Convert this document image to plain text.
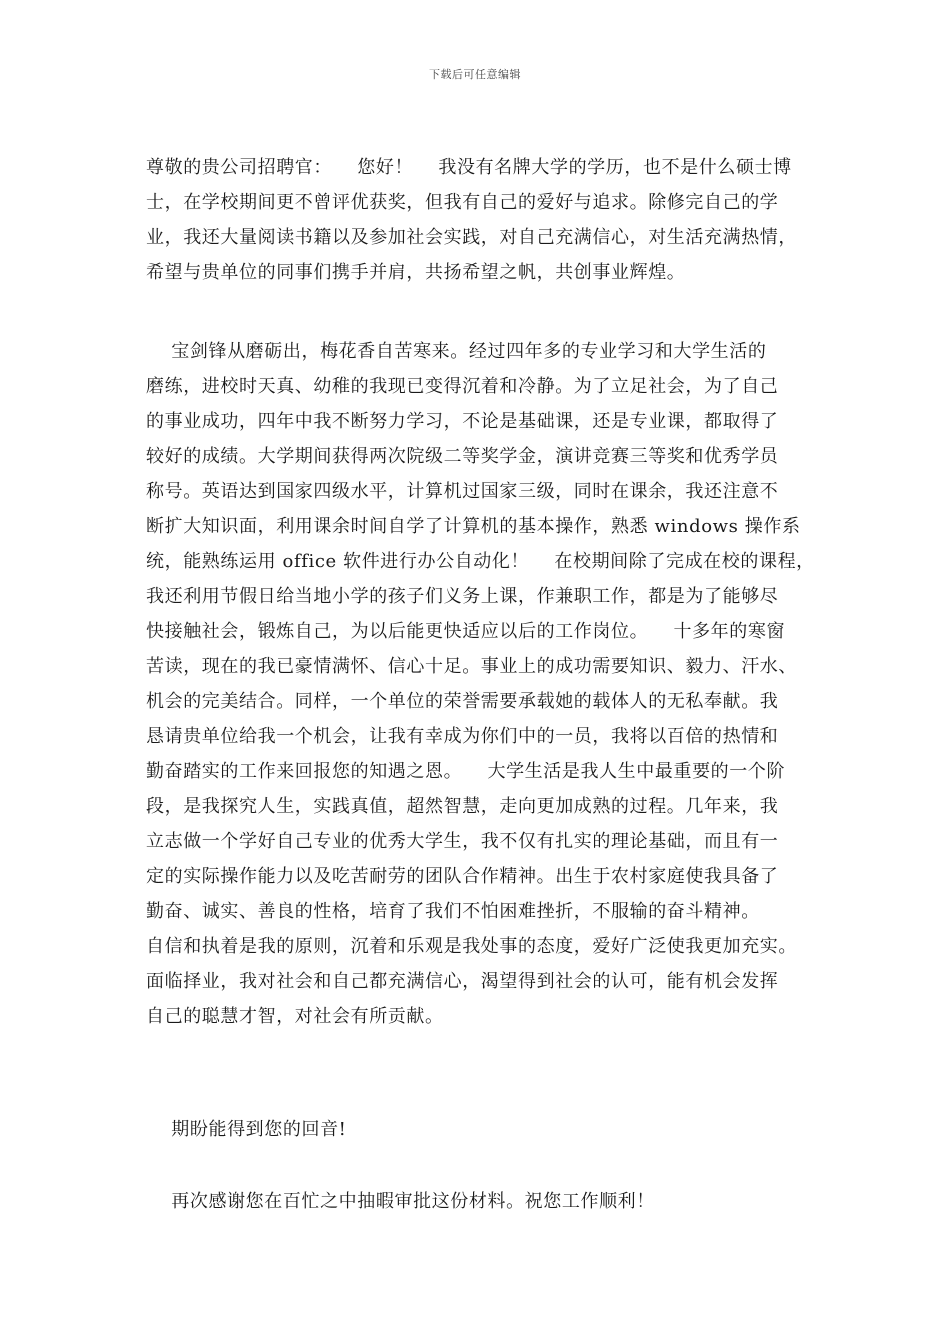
下载后可任意编辑
尊敬的贵公司招聘官：    您好！    我没有名牌大学的学历，也不是什么硕士博
士，在学校期间更不曾评优获奖，但我有自己的爱好与追求。除修完自己的学
业，我还大量阅读书籍以及参加社会实践，对自己充满信心，对生活充满热情，
希望与贵单位的同事们携手并肩，共扬希望之帆，共创事业辉煌。
宝剑锋从磨砺出，梅花香自苦寒来。经过四年多的专业学习和大学生活的
磨练，进校时天真、幼稚的我现已变得沉着和冷静。为了立足社会，为了自己
的事业成功，四年中我不断努力学习，不论是基础课，还是专业课，都取得了
较好的成绩。大学期间获得两次院级二等奖学金，演讲竞赛三等奖和优秀学员
称号。英语达到国家四级水平，计算机过国家三级，同时在课余，我还注意不
断扩大知识面，利用课余时间自学了计算机的基本操作，熟悉 windows 操作系
统，能熟练运用 office 软件进行办公自动化！    在校期间除了完成在校的课程，
我还利用节假日给当地小学的孩子们义务上课，作兼职工作，都是为了能够尽
快接触社会，锻炼自己，为以后能更快适应以后的工作岗位。    十多年的寒窗
苦读，现在的我已豪情满怀、信心十足。事业上的成功需要知识、毅力、汗水、
机会的完美结合。同样，一个单位的荣誉需要承载她的载体人的无私奉献。我
恳请贵单位给我一个机会，让我有幸成为你们中的一员，我将以百倍的热情和
勤奋踏实的工作来回报您的知遇之恩。    大学生活是我人生中最重要的一个阶
段，是我探究人生，实践真值，超然智慧，走向更加成熟的过程。几年来，我
立志做一个学好自己专业的优秀大学生，我不仅有扎实的理论基础，而且有一
定的实际操作能力以及吃苦耐劳的团队合作精神。出生于农村家庭使我具备了
勤奋、诚实、善良的性格，培育了我们不怕困难挫折，不服输的奋斗精神。
自信和执着是我的原则，沉着和乐观是我处事的态度，爱好广泛使我更加充实。
面临择业，我对社会和自己都充满信心，渴望得到社会的认可，能有机会发挥
自己的聪慧才智，对社会有所贡献。
期盼能得到您的回音!
再次感谢您在百忙之中抽暇审批这份材料。祝您工作顺利！
